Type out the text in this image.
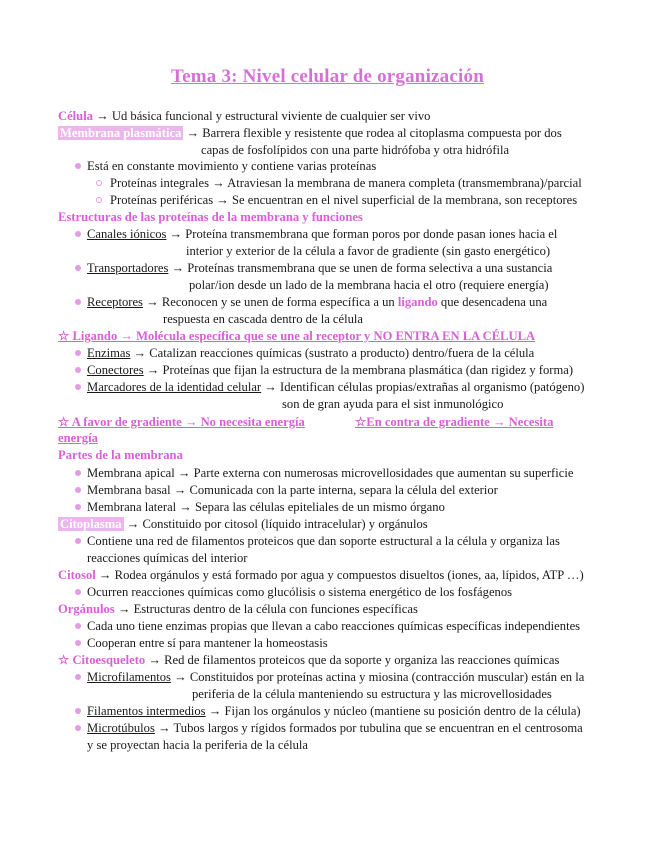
Tema 3: Nivel celular de organización
Célula → Ud básica funcional y estructural viviente de cualquier ser vivo
Membrana plasmática → Barrera flexible y resistente que rodea al citoplasma compuesta por dos
capas de fosfolípidos con una parte hidrófoba y otra hidrófila
Está en constante movimiento y contiene varias proteínas
Proteínas integrales → Atraviesan la membrana de manera completa (transmembrana)/parcial
Proteínas periféricas → Se encuentran en el nivel superficial de la membrana, son receptores
Estructuras de las proteínas de la membrana y funciones
Canales iónicos → Proteína transmembrana que forman poros por donde pasan iones hacia el
interior y exterior de la célula a favor de gradiente (sin gasto energético)
Transportadores → Proteínas transmembrana que se unen de forma selectiva a una sustancia
polar/ion desde un lado de la membrana hacia el otro (requiere energía)
Receptores → Reconocen y se unen de forma específica a un ligando que desencadena una
respuesta en cascada dentro de la célula
☆ Ligando → Molécula específica que se une al receptor y NO ENTRA EN LA CÉLULA
Enzimas → Catalizan reacciones químicas (sustrato a producto) dentro/fuera de la célula
Conectores → Proteínas que fijan la estructura de la membrana plasmática (dan rigidez y forma)
Marcadores de la identidad celular → Identifican células propias/extrañas al organismo (patógeno)
son de gran ayuda para el sist inmunológico
☆ A favor de gradiente → No necesita energía	☆En contra de gradiente → Necesita
energía
Partes de la membrana
Membrana apical → Parte externa con numerosas microvellosidades que aumentan su superficie
Membrana basal → Comunicada con la parte interna, separa la célula del exterior
Membrana lateral → Separa las células epiteliales de un mismo órgano
Citoplasma → Constituido por citosol (líquido intracelular) y orgánulos
Contiene una red de filamentos proteicos que dan soporte estructural a la célula y organiza las
reacciones químicas del interior
Citosol → Rodea orgánulos y está formado por agua y compuestos disueltos (iones, aa, lípidos, ATP …)
Ocurren reacciones químicas como glucólisis o sistema energético de los fosfágenos
Orgánulos → Estructuras dentro de la célula con funciones específicas
Cada uno tiene enzimas propias que llevan a cabo reacciones químicas específicas independientes
Cooperan entre sí para mantener la homeostasis
☆ Citoesqueleto → Red de filamentos proteicos que da soporte y organiza las reacciones químicas
Microfilamentos → Constituidos por proteínas actina y miosina (contracción muscular) están en la
periferia de la célula manteniendo su estructura y las microvellosidades
Filamentos intermedios → Fijan los orgánulos y núcleo (mantiene su posición dentro de la célula)
Microtúbulos → Tubos largos y rígidos formados por tubulina que se encuentran en el centrosoma
y se proyectan hacia la periferia de la célula
